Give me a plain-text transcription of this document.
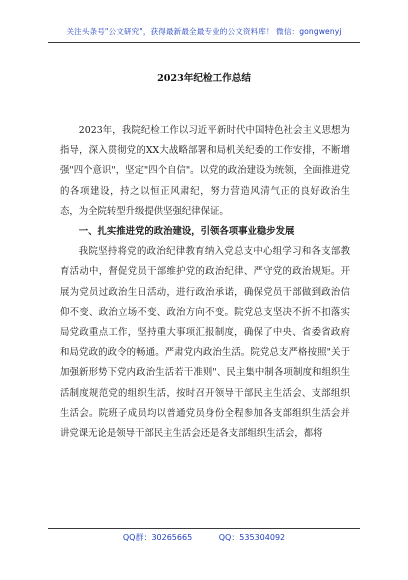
关注头条号"公文研究"，获得最新最全最专业的公文资料库！ 微信：gongwenyj
2023年纪检工作总结

2023年，我院纪检工作以习近平新时代中国特色社会主义思想为指导，深入贯彻党的XX大战略部署和局机关纪委的工作安排，不断增强"四个意识"，坚定"四个自信"。以党的政治建设为统领，全面推进党的各项建设，持之以恒正风肃纪，努力营造风清气正的良好政治生态，为全院转型升级提供坚强纪律保证。

一、扎实推进党的政治建设，引领各项事业稳步发展

我院坚持将党的政治纪律教育纳入党总支中心组学习和各支部教育活动中，督促党员干部维护党的政治纪律、严守党的政治规矩。开展为党员过政治生日活动，进行政治承诺，确保党员干部做到政治信仰不变、政治立场不变、政治方向不变。院党总支坚决不折不扣落实局党政重点工作，坚持重大事项汇报制度，确保了中央、省委省政府和局党政的政令的畅通。严肃党内政治生活。院党总支严格按照"关于加强新形势下党内政治生活若干准则"、民主集中制各项制度和组织生活制度规范党的组织生活，按时召开领导干部民主生活会、支部组织生活会。院班子成员均以普通党员身份全程参加各支部组织生活会并讲党课无论是领导干部民主生活会还是各支部组织生活会，都将

QQ群：30265665	QQ：535304092
